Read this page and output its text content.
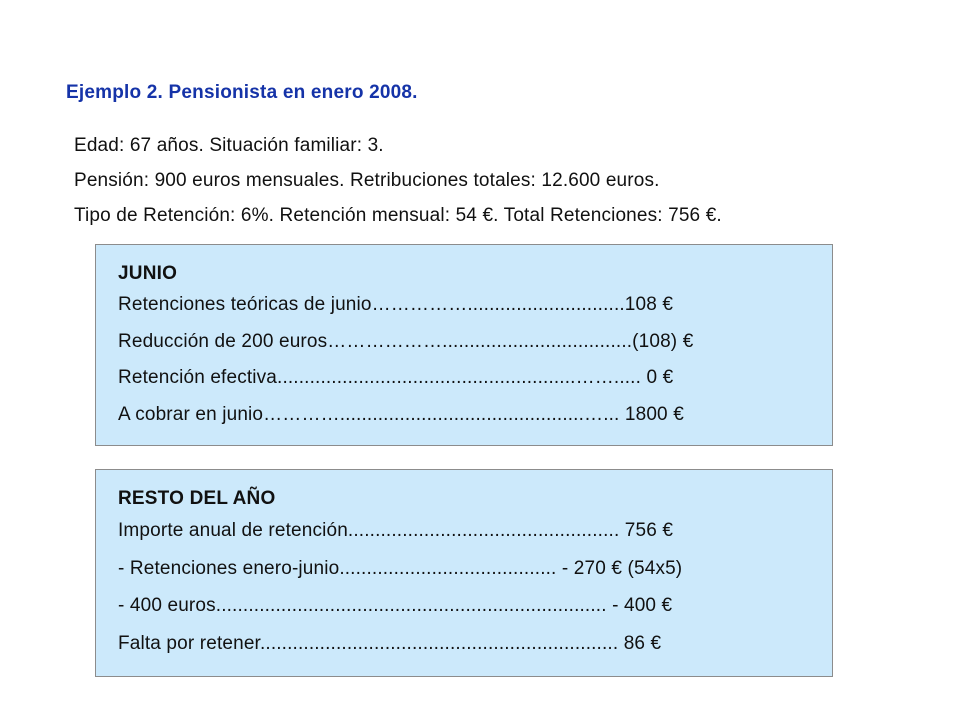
Ejemplo 2. Pensionista en enero 2008.
Edad: 67 años. Situación familiar: 3.
Pensión: 900 euros mensuales. Retribuciones totales: 12.600 euros.
Tipo de Retención: 6%. Retención mensual: 54 €. Total Retenciones: 756 €.
JUNIO
Retenciones teóricas de junio…………….............................108 €
Reducción de 200 euros………………...................................(108) €
Retención efectiva.......................................................……..... 0 €
A cobrar en junio………….............................................…... 1800 €
RESTO DEL AÑO
Importe anual de retención.................................................. 756 €
- Retenciones enero-junio........................................ - 270 € (54x5)
- 400 euros........................................................................ - 400 €
Falta por retener.................................................................. 86 €
